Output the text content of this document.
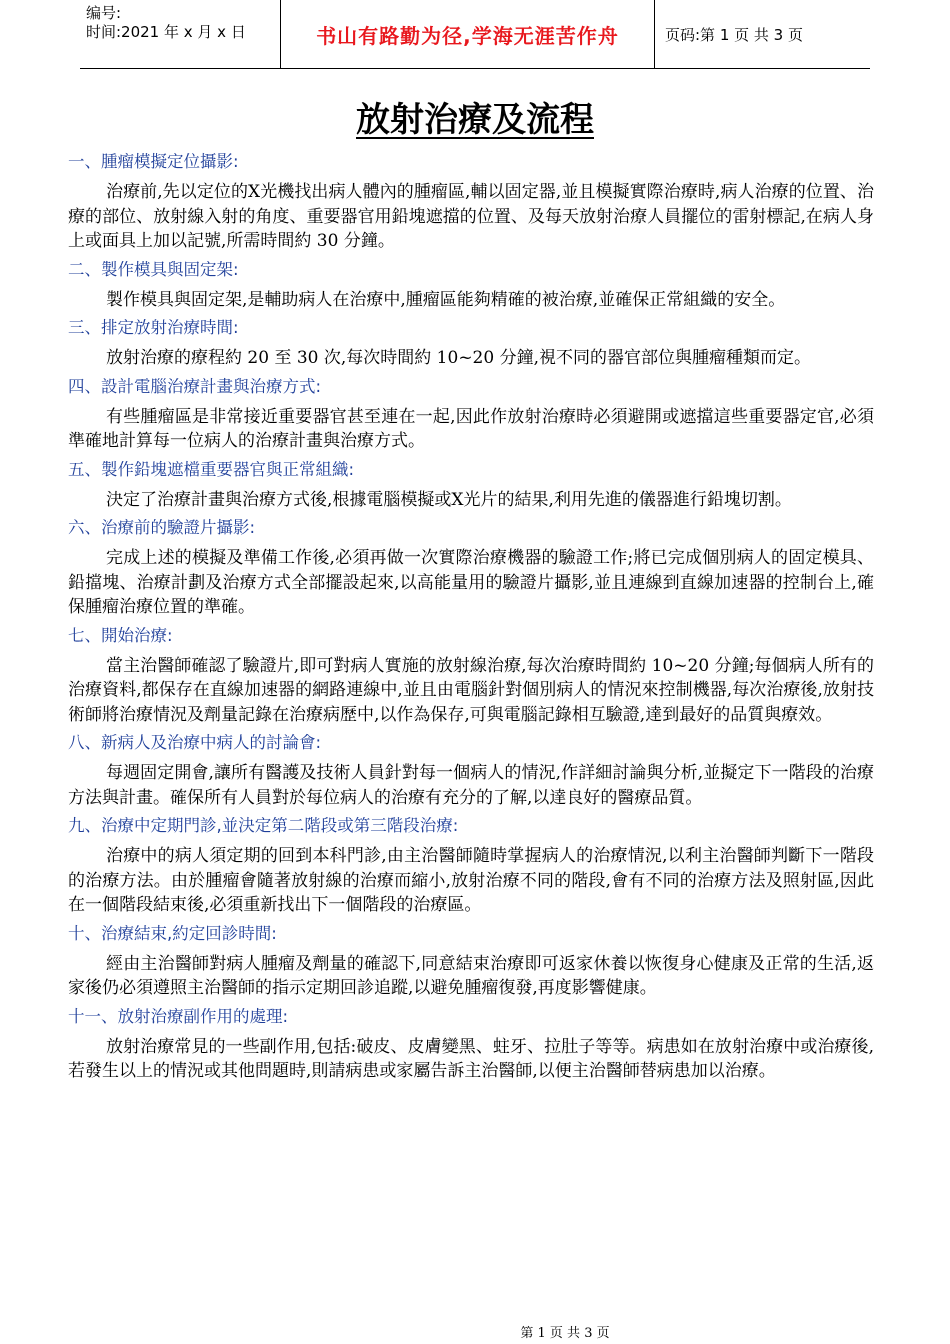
编号:
时间:2021 年 x 月 x 日	书山有路勤为径,学海无涯苦作舟	页码:第 1 页 共 3 页
放射治療及流程

一、腫瘤模擬定位攝影:

治療前,先以定位的X光機找出病人體內的腫瘤區,輔以固定器,並且模擬實際治療時,病人治療的位置、治療的部位、放射線入射的角度、重要器官用鉛塊遮擋的位置、及每天放射治療人員擺位的雷射標記,在病人身上或面具上加以記號,所需時間約 30 分鐘。

二、製作模具與固定架:

製作模具與固定架,是輔助病人在治療中,腫瘤區能夠精確的被治療,並確保正常組織的安全。

三、排定放射治療時間:

放射治療的療程約 20 至 30 次,每次時間約 10~20 分鐘,視不同的器官部位與腫瘤種類而定。

四、設計電腦治療計畫與治療方式:

有些腫瘤區是非常接近重要器官甚至連在一起,因此作放射治療時必須避開或遮擋這些重要器定官,必須準確地計算每一位病人的治療計畫與治療方式。

五、製作鉛塊遮檔重要器官與正常組織:

決定了治療計畫與治療方式後,根據電腦模擬或X光片的結果,利用先進的儀器進行鉛塊切割。

六、治療前的驗證片攝影:

完成上述的模擬及準備工作後,必須再做一次實際治療機器的驗證工作;將已完成個別病人的固定模具、鉛擋塊、治療計劃及治療方式全部擺設起來,以高能量用的驗證片攝影,並且連線到直線加速器的控制台上,確保腫瘤治療位置的準確。

七、開始治療:

當主治醫師確認了驗證片,即可對病人實施的放射線治療,每次治療時間約 10~20 分鐘;每個病人所有的治療資料,都保存在直線加速器的網路連線中,並且由電腦針對個別病人的情況來控制機器,每次治療後,放射技術師將治療情況及劑量記錄在治療病歷中,以作為保存,可與電腦記錄相互驗證,達到最好的品質與療效。

八、新病人及治療中病人的討論會:

每週固定開會,讓所有醫護及技術人員針對每一個病人的情況,作詳細討論與分析,並擬定下一階段的治療方法與計畫。確保所有人員對於每位病人的治療有充分的了解,以達良好的醫療品質。

九、治療中定期門診,並決定第二階段或第三階段治療:

治療中的病人須定期的回到本科門診,由主治醫師隨時掌握病人的治療情況,以利主治醫師判斷下一階段的治療方法。由於腫瘤會隨著放射線的治療而縮小,放射治療不同的階段,會有不同的治療方法及照射區,因此在一個階段結束後,必須重新找出下一個階段的治療區。

十、治療結束,約定回診時間:

經由主治醫師對病人腫瘤及劑量的確認下,同意結束治療即可返家休養以恢復身心健康及正常的生活,返家後仍必須遵照主治醫師的指示定期回診追蹤,以避免腫瘤復發,再度影響健康。

十一、放射治療副作用的處理:

放射治療常見的一些副作用,包括:破皮、皮膚變黑、蛀牙、拉肚子等等。病患如在放射治療中或治療後,若發生以上的情況或其他問題時,則請病患或家屬告訴主治醫師,以便主治醫師替病患加以治療。

第 1 页 共 3 页
